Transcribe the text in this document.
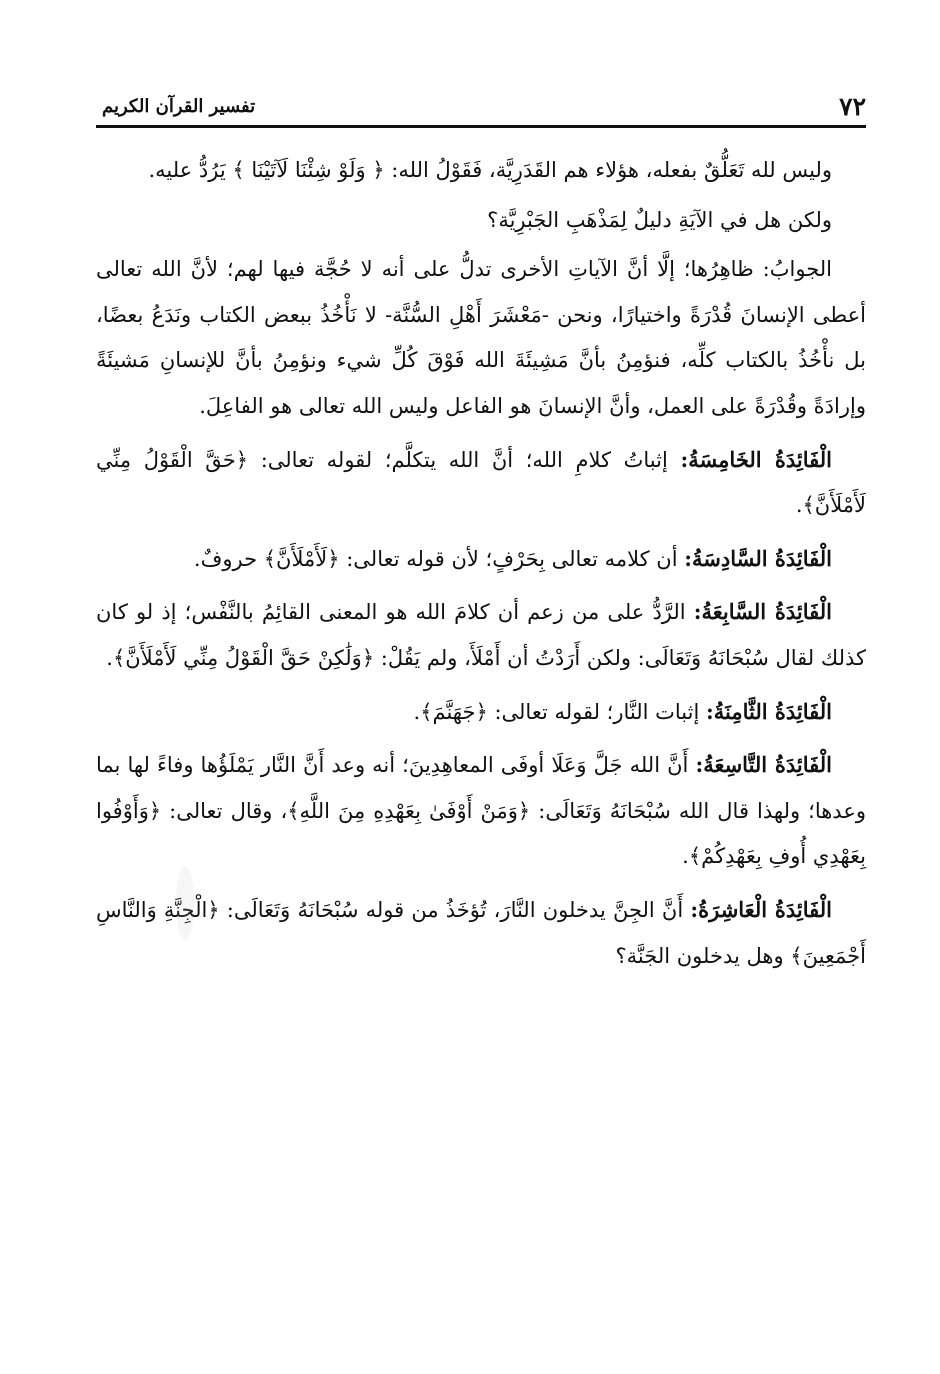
٧٢
تفسير القرآن الكريم

وليس لله تَعَلُّقٌ بفعله، هؤلاء هم القَدَرِيَّة، فَقَوْلُ الله: ﴿ وَلَوْ شِئْنَا لَآتَيْنَا ﴾ يَرُدُّ عليه.

ولكن هل في الآيَةِ دليلٌ لِمَذْهَبِ الجَبْرِيَّة؟

الجوابُ: ظاهِرُها؛ إلَّا أنَّ الآياتِ الأخرى تدلُّ على أنه لا حُجَّة فيها لهم؛ لأنَّ الله تعالى أعطى الإنسانَ قُدْرَةً واختيارًا، ونحن -مَعْشَرَ أَهْلِ السُّنَّة- لا نَأْخُذُ ببعض الكتاب ونَدَعُ بعضًا، بل نأْخُذُ بالكتاب كلِّه، فنؤمِنُ بأنَّ مَشِيئَةَ الله فَوْقَ كُلِّ شيء ونؤمِنُ بأنَّ للإنسانِ مَشيئَةً وإرادَةً وقُدْرَةً على العمل، وأنَّ الإنسانَ هو الفاعل وليس الله تعالى هو الفاعِلَ.

الْفَائِدَةُ الخَامِسَةُ: إثباتُ كلامِ الله؛ أنَّ الله يتكلَّم؛ لقوله تعالى: ﴿حَقَّ الْقَوْلُ مِنِّي لَأَمْلَأَنَّ﴾.

الْفَائِدَةُ السَّادِسَةُ: أن كلامه تعالى بِحَرْفٍ؛ لأن قوله تعالى: ﴿لَأَمْلَأَنَّ﴾ حروفٌ.

الْفَائِدَةُ السَّابِعَةُ: الرَّدُّ على من زعم أن كلامَ الله هو المعنى القائِمُ بالنَّفْس؛ إذ لو كان كذلك لقال سُبْحَانَهُ وَتَعَالَى: ولكن أَرَدْتُ أن أَمْلَأَ، ولم يَقُلْ: ﴿وَلَٰكِنْ حَقَّ الْقَوْلُ مِنِّي لَأَمْلَأَنَّ﴾.

الْفَائِدَةُ الثَّامِنَةُ: إثبات النَّار؛ لقوله تعالى: ﴿جَهَنَّمَ﴾.

الْفَائِدَةُ التَّاسِعَةُ: أَنَّ الله جَلَّ وَعَلَا أوفَى المعاهِدِينَ؛ أنه وعد أَنَّ النَّار يَمْلَؤُها وفاءً لها بما وعدها؛ ولهذا قال الله سُبْحَانَهُ وَتَعَالَى: ﴿وَمَنْ أَوْفَىٰ بِعَهْدِهِ مِنَ اللَّهِ﴾، وقال تعالى: ﴿وَأَوْفُوا بِعَهْدِي أُوفِ بِعَهْدِكُمْ﴾.

الْفَائِدَةُ الْعَاشِرَةُ: أَنَّ الجِنَّ يدخلون النَّارَ، تُؤخَذُ من قوله سُبْحَانَهُ وَتَعَالَى: ﴿الْجِنَّةِ وَالنَّاسِ أَجْمَعِينَ﴾ وهل يدخلون الجَنَّة؟
